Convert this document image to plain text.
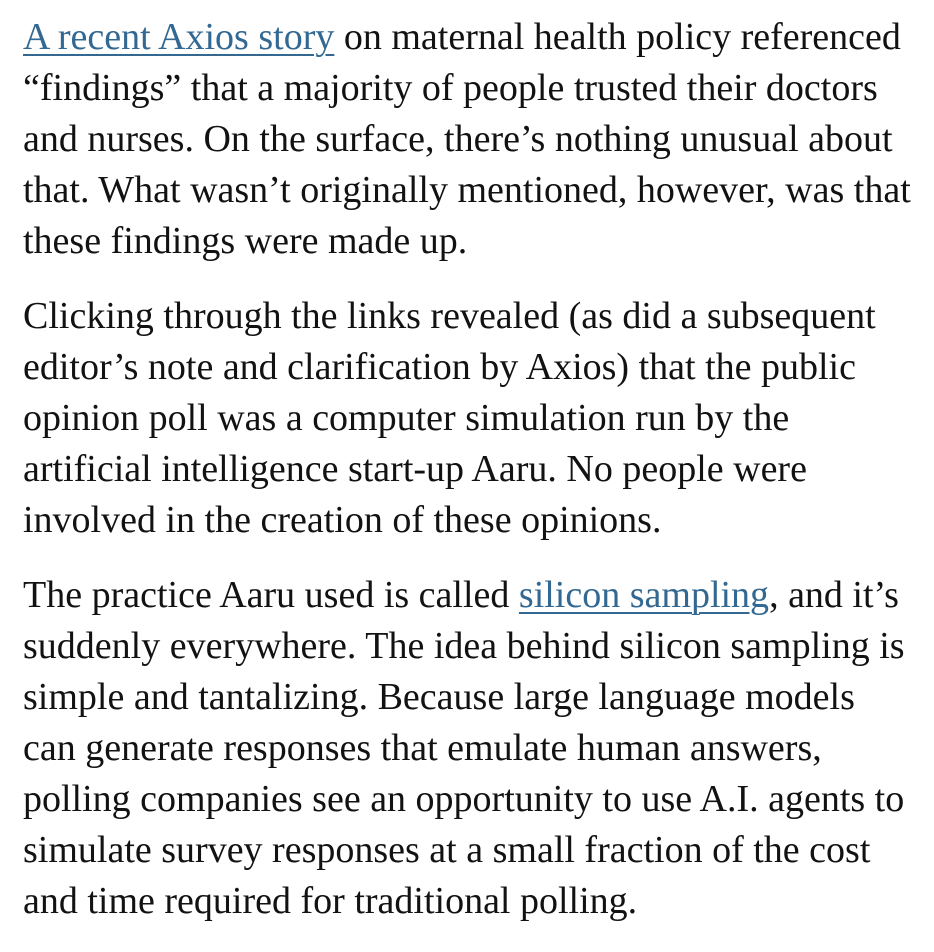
A recent Axios story on maternal health policy referenced “findings” that a majority of people trusted their doctors and nurses. On the surface, there’s nothing unusual about that. What wasn’t originally mentioned, however, was that these findings were made up.

Clicking through the links revealed (as did a subsequent editor’s note and clarification by Axios) that the public opinion poll was a computer simulation run by the artificial intelligence start-up Aaru. No people were involved in the creation of these opinions.

The practice Aaru used is called silicon sampling, and it’s suddenly everywhere. The idea behind silicon sampling is simple and tantalizing. Because large language models can generate responses that emulate human answers, polling companies see an opportunity to use A.I. agents to simulate survey responses at a small fraction of the cost and time required for traditional polling.
